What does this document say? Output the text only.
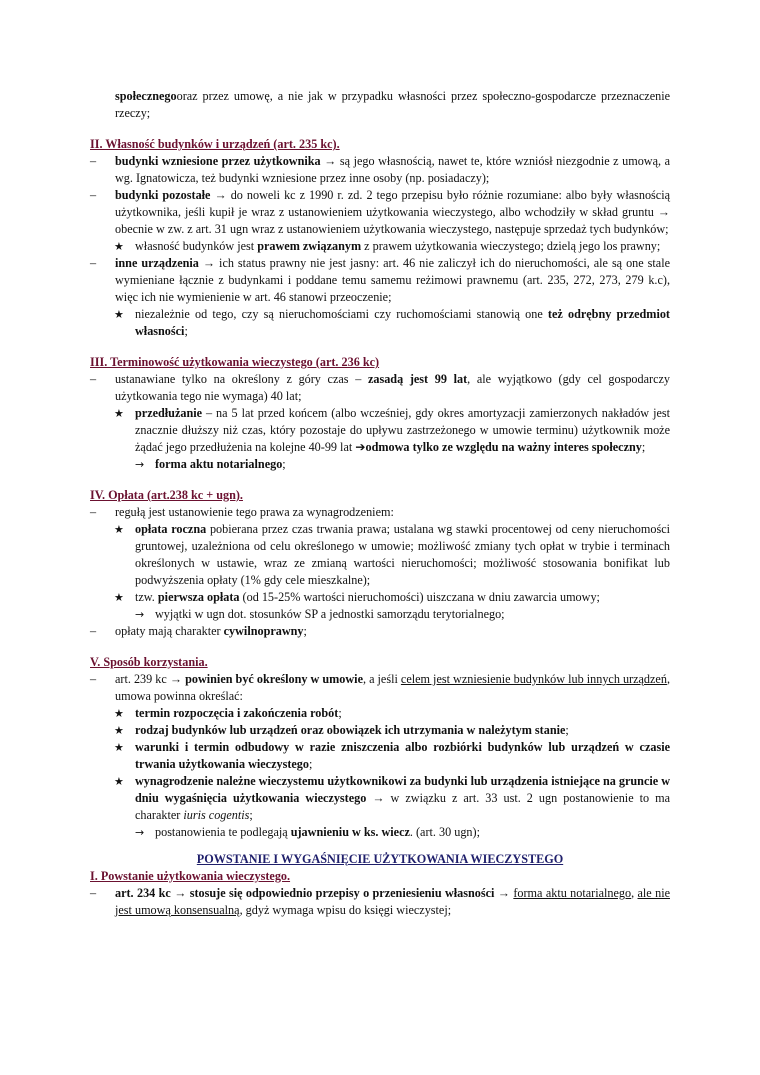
społecznegooraz przez umowę, a nie jak w przypadku własności przez społeczno-gospodarcze przeznaczenie rzeczy;

II. Własność budynków i urządzeń (art. 235 kc).

– budynki wzniesione przez użytkownika → są jego własnością, nawet te, które wzniósł niezgodnie z umową, a wg. Ignatowicza, też budynki wzniesione przez inne osoby (np. posiadaczy);

– budynki pozostałe → do noweli kc z 1990 r. zd. 2 tego przepisu było różnie rozumiane: albo były własnością użytkownika, jeśli kupił je wraz z ustanowieniem użytkowania wieczystego, albo wchodziły w skład gruntu → obecnie w zw. z art. 31 ugn wraz z ustanowieniem użytkowania wieczystego, następuje sprzedaż tych budynków;

★ własność budynków jest prawem związanym z prawem użytkowania wieczystego; dzielą jego los prawny;

– inne urządzenia → ich status prawny nie jest jasny: art. 46 nie zaliczył ich do nieruchomości, ale są one stale wymieniane łącznie z budynkami i poddane temu samemu reżimowi prawnemu (art. 235, 272, 273, 279 k.c), więc ich nie wymienienie w art. 46 stanowi przeoczenie;

★ niezależnie od tego, czy są nieruchomościami czy ruchomościami stanowią one też odrębny przedmiot własności;

III. Terminowość użytkowania wieczystego (art. 236 kc)

– ustanawiane tylko na określony z góry czas – zasadą jest 99 lat, ale wyjątkowo (gdy cel gospodarczy użytkowania tego nie wymaga) 40 lat;

★ przedłużanie – na 5 lat przed końcem (albo wcześniej, gdy okres amortyzacji zamierzonych nakładów jest znacznie dłuższy niż czas, który pozostaje do upływu zastrzeżonego w umowie terminu) użytkownik może żądać jego przedłużenia na kolejne 40-99 lat ➔odmowa tylko ze względu na ważny interes społeczny;

→ forma aktu notarialnego;

IV. Opłata (art.238 kc + ugn).

– regułą jest ustanowienie tego prawa za wynagrodzeniem:

★ opłata roczna pobierana przez czas trwania prawa; ustalana wg stawki procentowej od ceny nieruchomości gruntowej, uzależniona od celu określonego w umowie; możliwość zmiany tych opłat w trybie i terminach określonych w ustawie, wraz ze zmianą wartości nieruchomości; możliwość stosowania bonifikat lub podwyższenia opłaty (1% gdy cele mieszkalne);

★ tzw. pierwsza opłata (od 15-25% wartości nieruchomości) uiszczana w dniu zawarcia umowy;

→ wyjątki w ugn dot. stosunków SP a jednostki samorządu terytorialnego;

– opłaty mają charakter cywilnoprawny;

V. Sposób korzystania.

– art. 239 kc → powinien być określony w umowie, a jeśli celem jest wzniesienie budynków lub innych urządzeń, umowa powinna określać:

★ termin rozpoczęcia i zakończenia robót;

★ rodzaj budynków lub urządzeń oraz obowiązek ich utrzymania w należytym stanie;

★ warunki i termin odbudowy w razie zniszczenia albo rozbiórki budynków lub urządzeń w czasie trwania użytkowania wieczystego;

★ wynagrodzenie należne wieczystemu użytkownikowi za budynki lub urządzenia istniejące na gruncie w dniu wygaśnięcia użytkowania wieczystego → w związku z art. 33 ust. 2 ugn postanowienie to ma charakter iuris cogentis;

→ postanowienia te podlegają ujawnieniu w ks. wiecz. (art. 30 ugn);

POWSTANIE I WYGAŚNIĘCIE UŻYTKOWANIA WIECZYSTEGO

I. Powstanie użytkowania wieczystego.

– art. 234 kc → stosuje się odpowiednio przepisy o przeniesieniu własności → forma aktu notarialnego, ale nie jest umową konsensualną, gdyż wymaga wpisu do księgi wieczystej;
